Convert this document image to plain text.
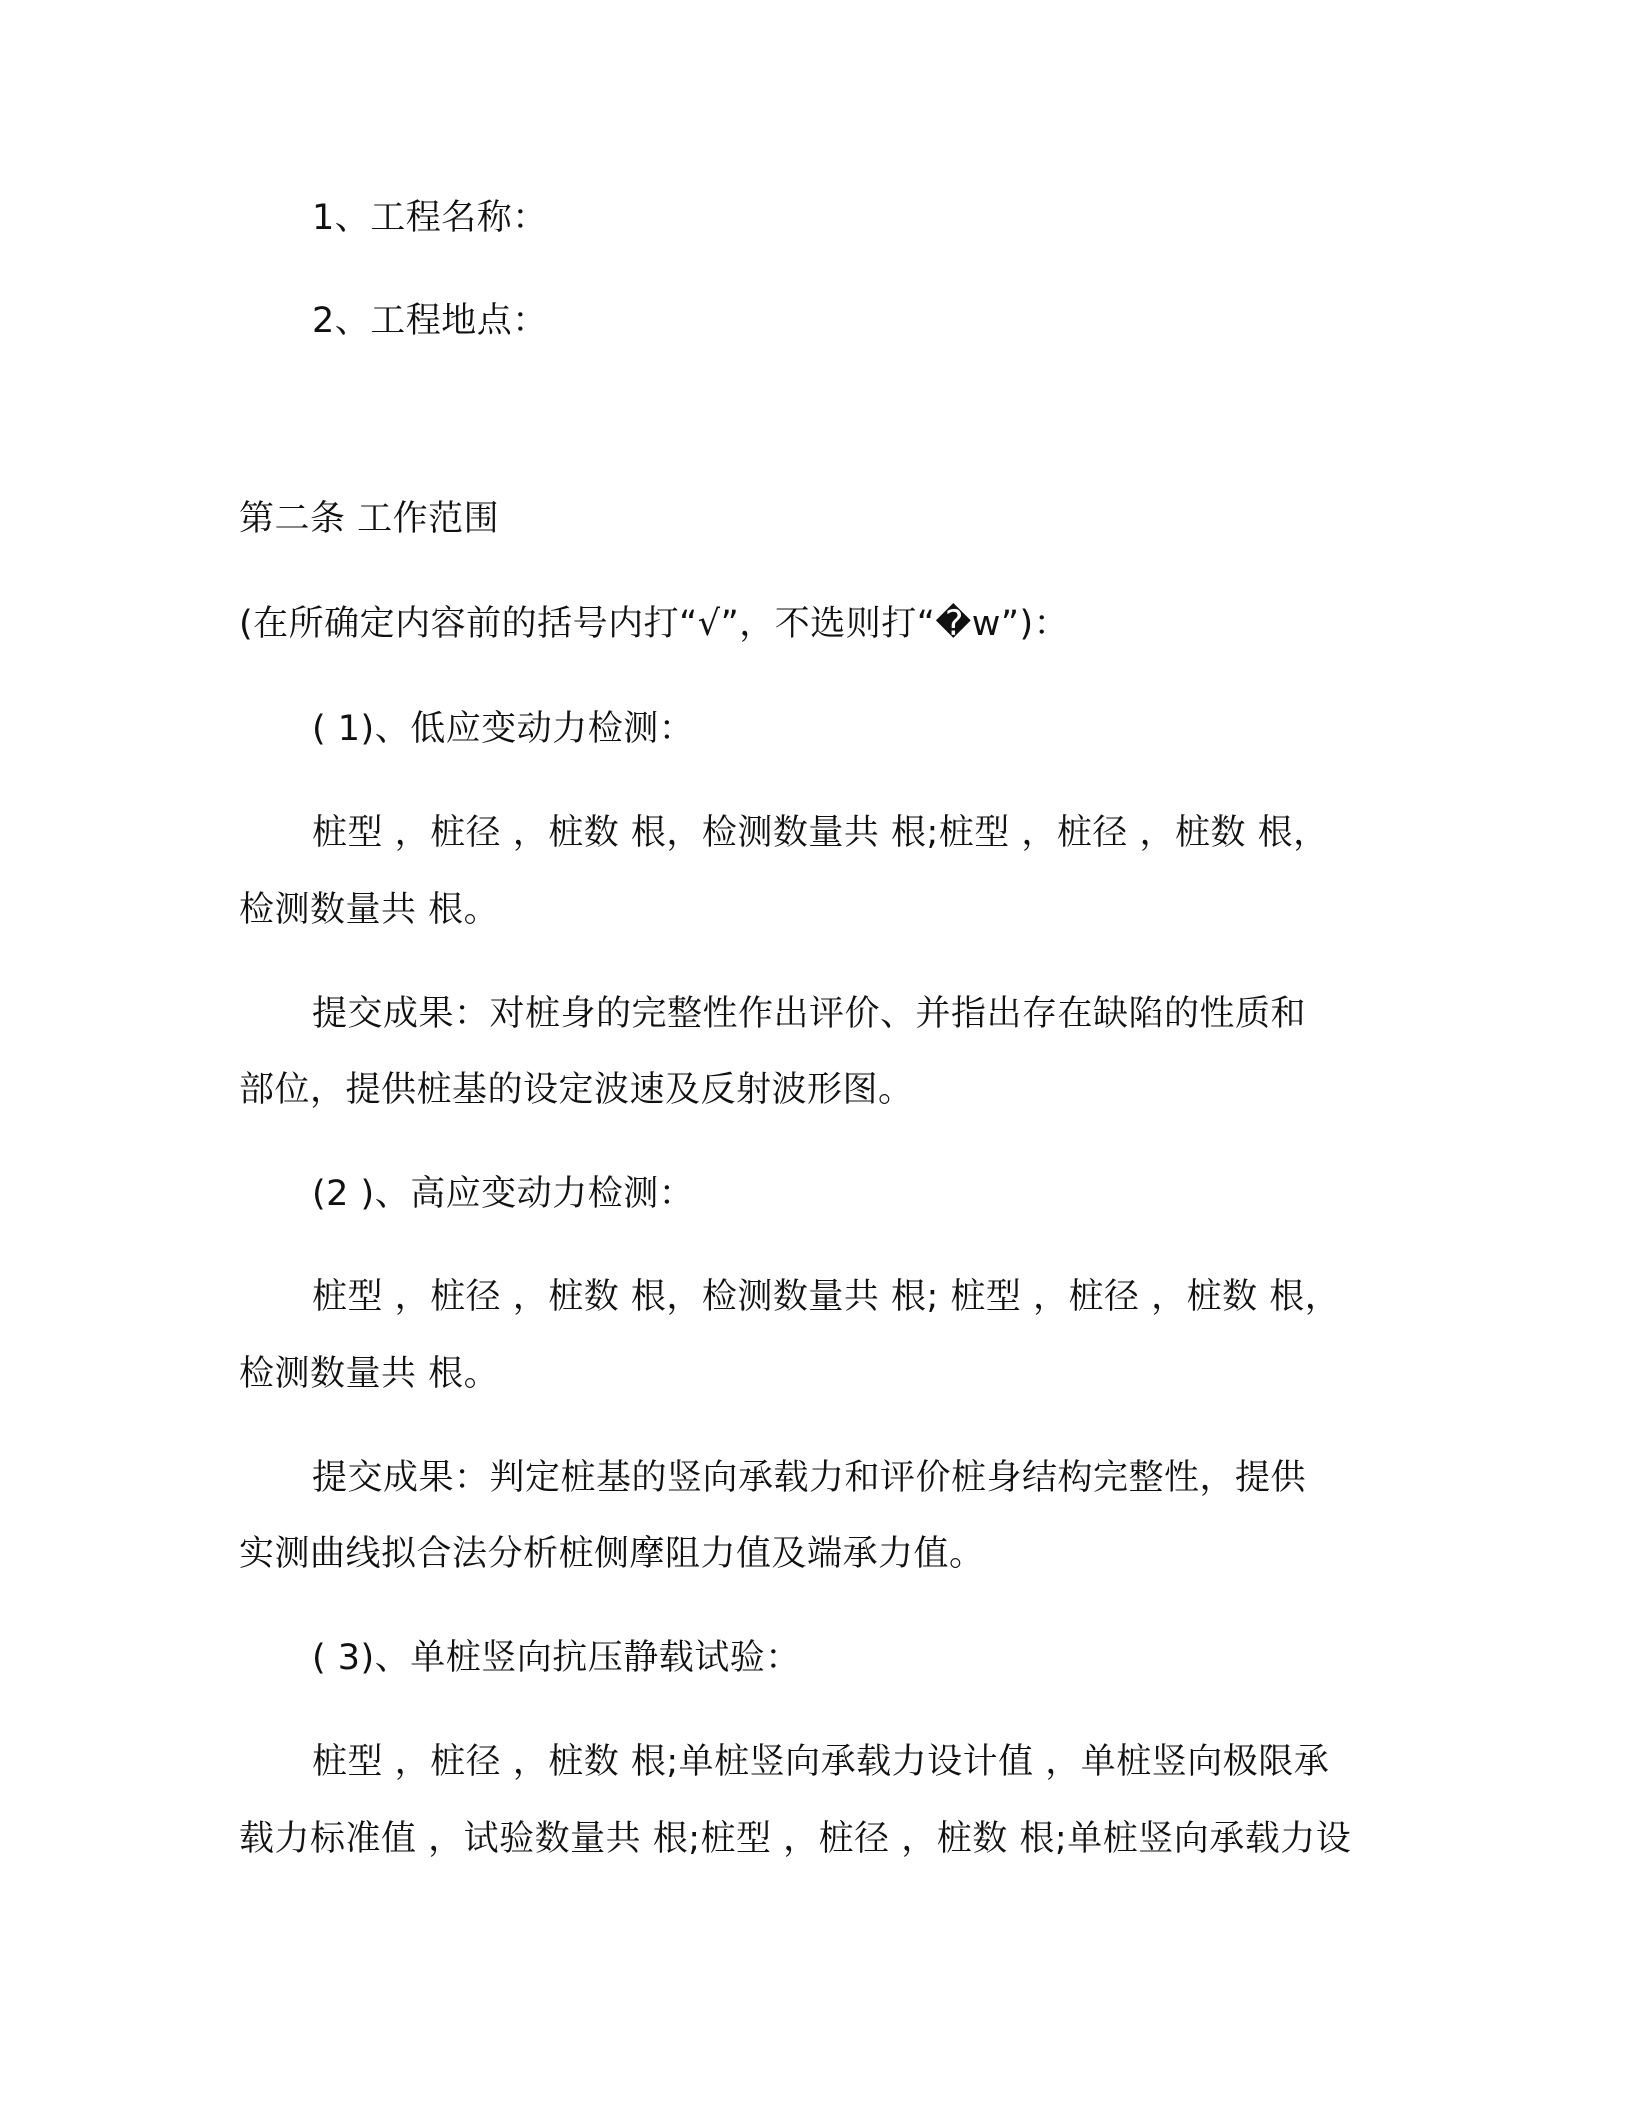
1、工程名称：
2、工程地点：
第二条 工作范围
(在所确定内容前的括号内打“√”，不选则打“�w”)：
( 1)、低应变动力检测：
桩型 ，桩径 ，桩数 根，检测数量共 根;桩型 ，桩径 ，桩数 根，
检测数量共 根。
提交成果：对桩身的完整性作出评价、并指出存在缺陷的性质和
部位，提供桩基的设定波速及反射波形图。
(2 )、高应变动力检测：
桩型 ，桩径 ，桩数 根，检测数量共 根; 桩型 ，桩径 ，桩数 根，
检测数量共 根。
提交成果：判定桩基的竖向承载力和评价桩身结构完整性，提供
实测曲线拟合法分析桩侧摩阻力值及端承力值。
( 3)、单桩竖向抗压静载试验：
桩型 ，桩径 ，桩数 根;单桩竖向承载力设计值 ，单桩竖向极限承
载力标准值 ，试验数量共 根;桩型 ，桩径 ，桩数 根;单桩竖向承载力设
